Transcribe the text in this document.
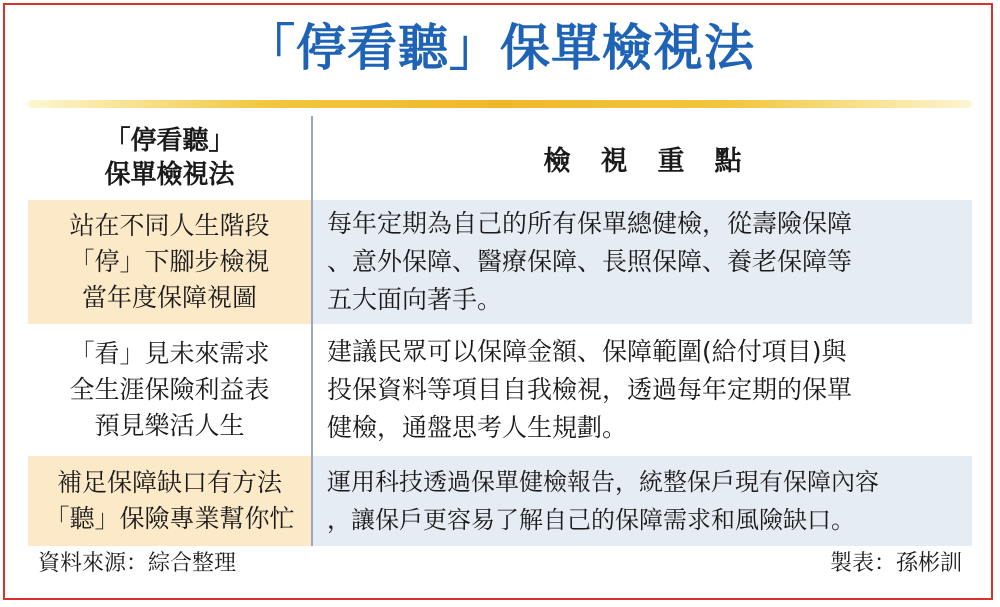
「停看聽」保單檢視法
「停看聽」
保單檢視法	檢視重點

站在不同人生階段
「停」下腳步檢視
當年度保障視圖	每年定期為自己的所有保單總健檢，從壽險保障
、意外保障、醫療保障、長照保障、養老保障等
五大面向著手。

「看」見未來需求
全生涯保險利益表
預見樂活人生	建議民眾可以保障金額、保障範圍(給付項目)與
投保資料等項目自我檢視，透過每年定期的保單
健檢，通盤思考人生規劃。

補足保障缺口有方法
「聽」保險專業幫你忙	運用科技透過保單健檢報告，統整保戶現有保障內容
，讓保戶更容易了解自己的保障需求和風險缺口。
資料來源：綜合整理	製表：孫彬訓
